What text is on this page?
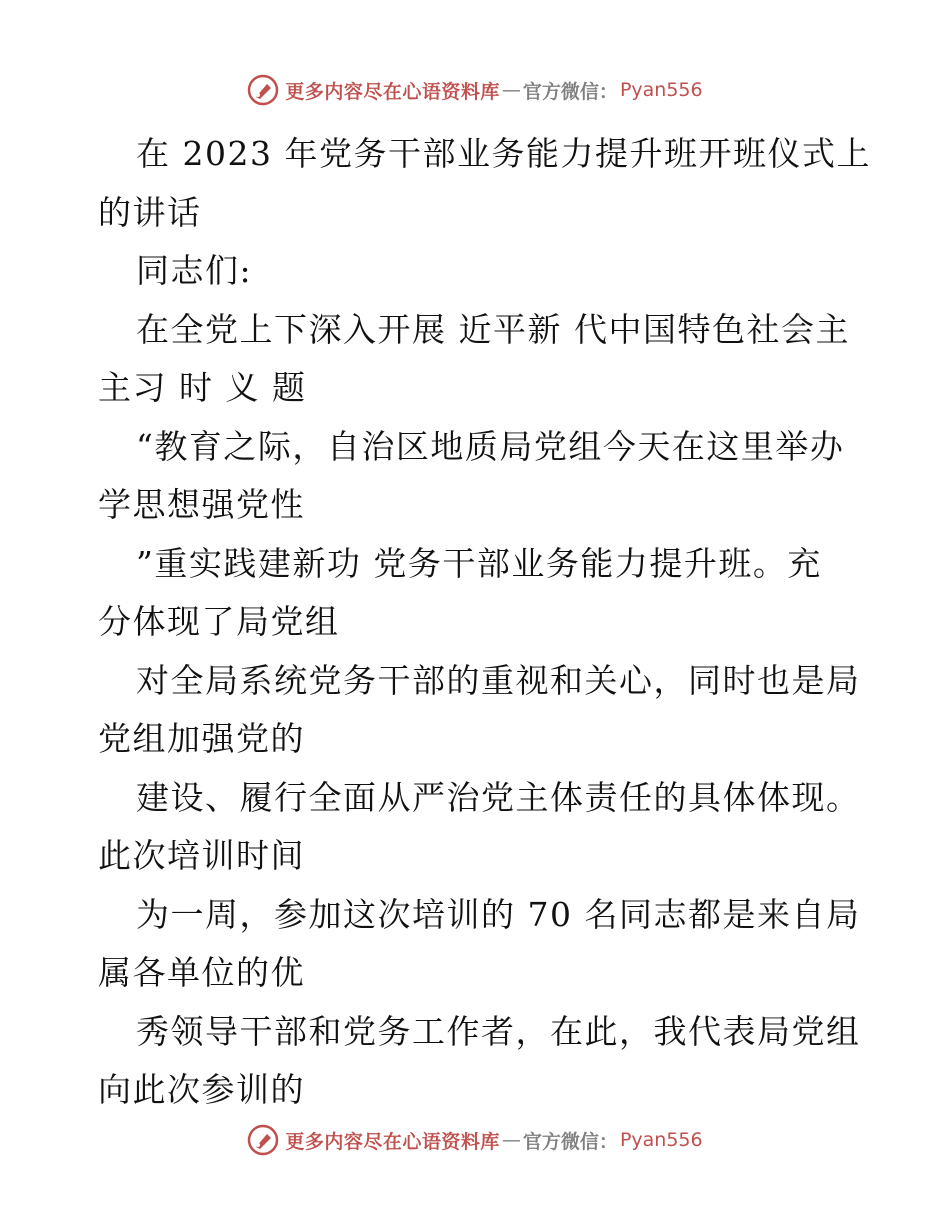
更多内容尽在心语资料库 — 官方微信： Pyan556
在 2023 年党务干部业务能力提升班开班仪式上
的讲话
同志们:
在全党上下深入开展 近平新 代中国特色社会主
主习 时 义 题
“教育之际，自治区地质局党组今天在这里举办
学思想强党性
”重实践建新功 党务干部业务能力提升班。充
分体现了局党组
对全局系统党务干部的重视和关心，同时也是局
党组加强党的
建设、履行全面从严治党主体责任的具体体现。
此次培训时间
为一周，参加这次培训的 70 名同志都是来自局
属各单位的优
秀领导干部和党务工作者，在此，我代表局党组
向此次参训的
更多内容尽在心语资料库 — 官方微信： Pyan556
